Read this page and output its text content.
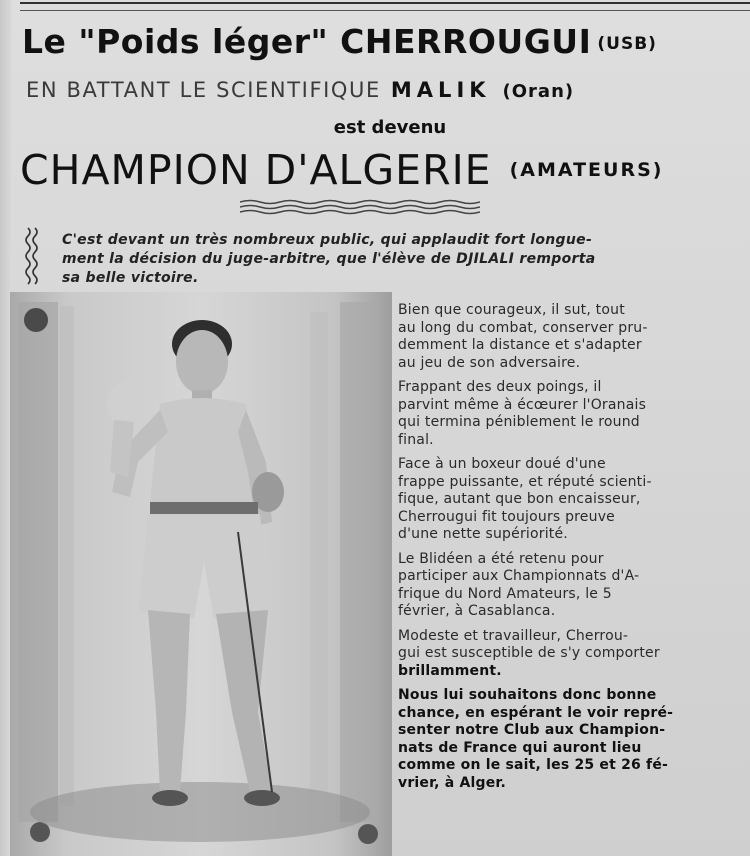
Le "Poids léger" CHERROUGUI (USB)
EN BATTANT LE SCIENTIFIQUE MALIK (Oran)
est devenu
CHAMPION D'ALGERIE (AMATEURS)
C'est devant un très nombreux public, qui applaudit fort longue-
ment la décision du juge-arbitre, que l'élève de DJILALI remporta
sa belle victoire.
Bien que courageux, il sut, tout
au long du combat, conserver pru-
demment la distance et s'adapter
au jeu de son adversaire.
Frappant des deux poings, il
parvint même à écœurer l'Oranais
qui termina péniblement le round
final.
Face à un boxeur doué d'une
frappe puissante, et réputé scienti-
fique, autant que bon encaisseur,
Cherrougui fit toujours preuve
d'une nette supériorité.
Le Blidéen a été retenu pour
participer aux Championnats d'A-
frique du Nord Amateurs, le 5
février, à Casablanca.
Modeste et travailleur, Cherrou-
gui est susceptible de s'y comporter
brillamment.
Nous lui souhaitons donc bonne
chance, en espérant le voir repré-
senter notre Club aux Champion-
nats de France qui auront lieu
comme on le sait, les 25 et 26 fé-
vrier, à Alger.
